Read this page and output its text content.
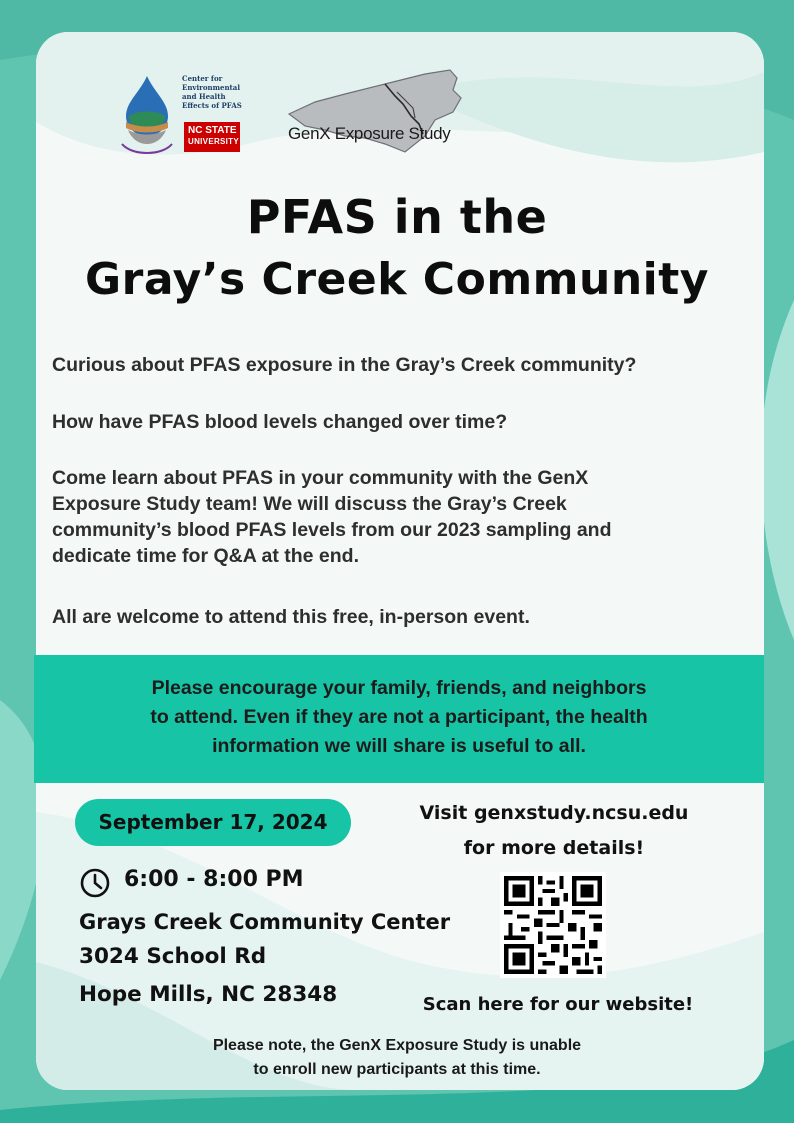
Center for
Environmental
and Health
Effects of PFAS
NC STATE
UNIVERSITY	GenX Exposure Study
PFAS in the
Gray’s Creek Community

Curious about PFAS exposure in the Gray’s Creek community?

How have PFAS blood levels changed over time?

Come learn about PFAS in your community with the GenX
Exposure Study team! We will discuss the Gray’s Creek
community’s blood PFAS levels from our 2023 sampling and
dedicate time for Q&A at the end.

All are welcome to attend this free, in-person event.

Please encourage your family, friends, and neighbors
to attend. Even if they are not a participant, the health
information we will share is useful to all.
September 17, 2024
6:00 - 8:00 PM
Grays Creek Community Center
3024 School Rd
Hope Mills, NC 28348
Visit genxstudy.ncsu.edu
for more details!
Scan here for our website!
Please note, the GenX Exposure Study is unable
to enroll new participants at this time.
